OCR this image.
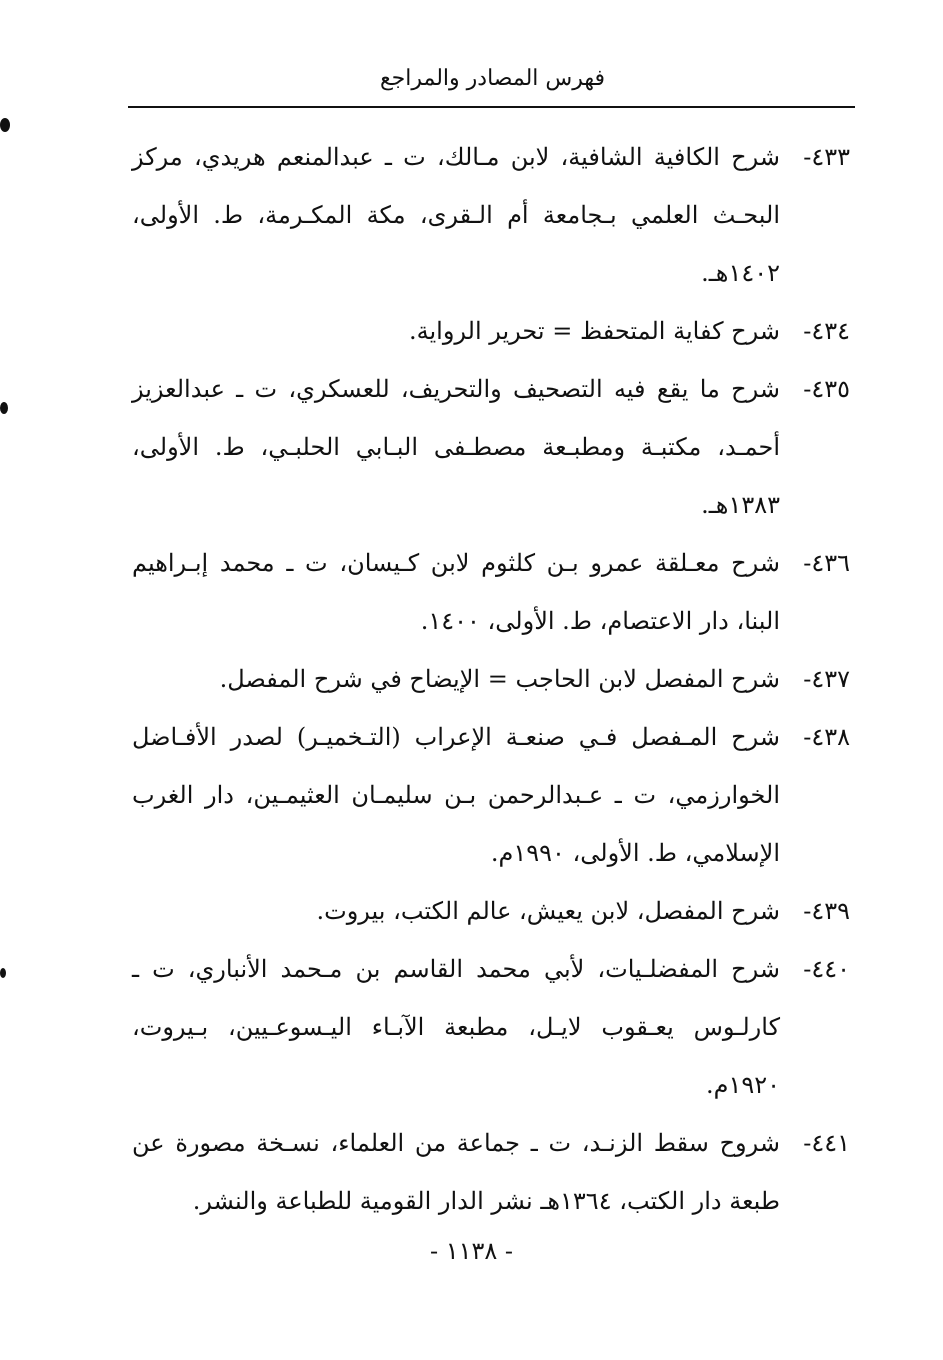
فهرس المصادر والمراجع
٤٣٣-
شرح الكافية الشافية، لابن مـالك، ت ـ عبدالمنعم هريدي، مركز البحـث العلمي بـجامعة أم الـقرى، مكة المكـرمة، ط. الأولى، ١٤٠٢هـ.
٤٣٤-
شرح كفاية المتحفظ = تحرير الرواية.
٤٣٥-
شرح ما يقع فيه التصحيف والتحريف، للعسكري، ت ـ عبدالعزيز أحمـد، مكتبـة ومطبـعة مصطـفى البـابي الحلبـي، ط. الأولى، ١٣٨٣هـ.
٤٣٦-
شرح معـلقة عمرو بـن كلثوم لابن كـيسان، ت ـ محمد إبـراهيم البنا، دار الاعتصام، ط. الأولى، ١٤٠٠.
٤٣٧-
شرح المفصل لابن الحاجب = الإيضاح في شرح المفصل.
٤٣٨-
شرح المـفصل فـي صنعـة الإعراب (التـخميـر) لصدر الأفـاضل الخوارزمي، ت ـ عـبدالرحمن بـن سليمـان العثيمـين، دار الغرب الإسلامي، ط. الأولى، ١٩٩٠م.
٤٣٩-
شرح المفصل، لابن يعيش، عالم الكتب، بيروت.
٤٤٠-
شرح المفضلـيات، لأبي محمد القاسم بن مـحمد الأنباري، ت ـ كارلـوس يعـقوب لايـل، مطبعة الآبـاء اليـسوعـيين، بـيروت، ١٩٢٠م.
٤٤١-
شروح سقط الزنـد، ت ـ جماعة من العلماء، نسـخة مصورة عن طبعة دار الكتب، ١٣٦٤هـ نشر الدار القومية للطباعة والنشر.
- ١١٣٨ -
